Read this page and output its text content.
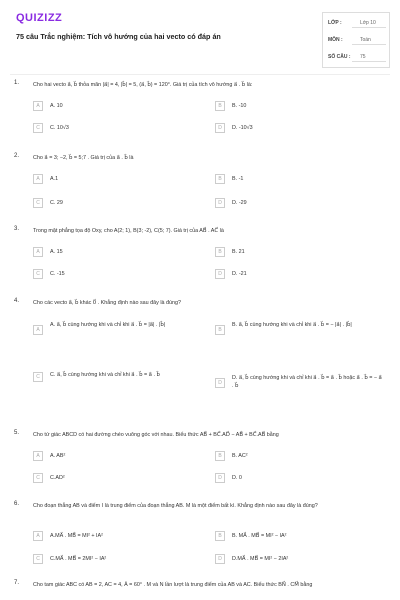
QUIZIZZ
75 câu Trắc nghiệm: Tích vô hướng của hai vecto có đáp án
LỚP :	Lớp 10
MÔN :	Toán
SỐ CÂU :	75
1.	Cho hai vecto a⃗, b⃗ thỏa mãn |a⃗| = 4, |b⃗| = 5, (a⃗, b⃗) = 120°. Giá trị của tích vô hướng a⃗ . b⃗ là:
A	A. 10	B	B. -10
C	C. 10√3	D	D. -10√3
2.	Cho a⃗ = 3; −2, b⃗ = 5;7 . Giá trị của a⃗ . b⃗ là
A	A.1	B	B. -1
C	C. 29	D	D. -29
3.	Trong mặt phẳng tọa độ Oxy, cho A(2; 1), B(3; -2), C(5; 7). Giá trị của AB⃗ . AC⃗ là
A	A. 15	B	B. 21
C	C. -15	D	D. -21
4.	Cho các vecto a⃗, b⃗ khác 0⃗ . Khẳng định nào sau đây là đúng?
A
A. a⃗, b⃗ cùng hướng khi và chỉ khi a⃗ . b⃗ = |a⃗| . |b⃗|
B
B. a⃗, b⃗ cùng hướng khi và chỉ khi a⃗ . b⃗ = − |a⃗| . |b⃗|
C	C. a⃗, b⃗ cùng hướng khi và chỉ khi a⃗ . b⃗ = a⃗ . b⃗
D
D. a⃗, b⃗ cùng hướng khi và chỉ khi a⃗ . b⃗ = a⃗ . b⃗ hoặc a⃗ . b⃗ = − a⃗ . b⃗
5.	Cho tứ giác ABCD có hai đường chéo vuông góc với nhau. Biểu thức AB⃗ + BC⃗.AD⃗ − AB⃗ + BC⃗.AB⃗ bằng
A	A. AB²	B	B. AC²
C	C.AD²	D	D. 0
6.	Cho đoạn thẳng AB và điểm I là trung điểm của đoạn thẳng AB. M là một điểm bất kì. Khẳng định nào sau đây là đúng?
A	A.MA⃗ . MB⃗ = MI² + IA²	B	B. MA⃗ . MB⃗ = MI² − IA²
C	C.MA⃗ . MB⃗ = 2MI² − IA²	D	D.MA⃗ . MB⃗ = MI² − 2IA²
7.	Cho tam giác ABC có AB = 2, AC = 4, Â = 60° . M và N lần lượt là trung điểm của AB và AC. Biểu thức BN⃗ . CM⃗ bằng
